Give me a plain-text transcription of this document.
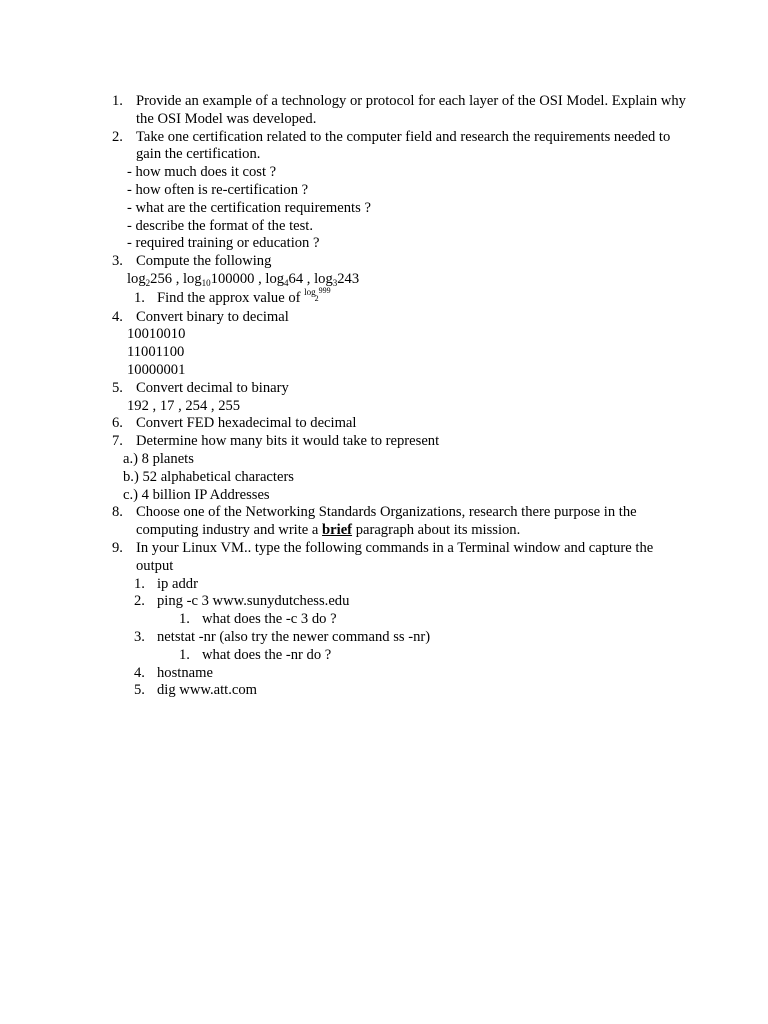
1. Provide an example of a technology or protocol for each layer of the OSI Model. Explain why the OSI Model was developed.
2. Take one certification related to the computer field and research the requirements needed to gain the certification.
- how much does it cost ?
- how often is re-certification ?
- what are the certification requirements ?
- describe the format of the test.
- required training or education ?
3. Compute the following
$\log_2256$ , $\log_{10}100000$ , $\log_464$ , $\log_3243$
1. Find the approx value of $^{log}2^{999}$
4. Convert binary to decimal
10010010
11001100
10000001
5. Convert decimal to binary
192 , 17 , 254 , 255
6. Convert FED hexadecimal to decimal
7. Determine how many bits it would take to represent
a.) 8 planets
b.) 52 alphabetical characters
c.) 4 billion IP Addresses
8. Choose one of the Networking Standards Organizations, research there purpose in the computing industry and write a brief paragraph about its mission.
9. In your Linux VM.. type the following commands in a Terminal window and capture the output
1. ip addr
2. ping -c 3 www.sunydutchess.edu
1. what does the -c 3 do ?
3. netstat -nr (also try the newer command ss -nr)
1. what does the -nr do ?
4. hostname
5. dig www.att.com
